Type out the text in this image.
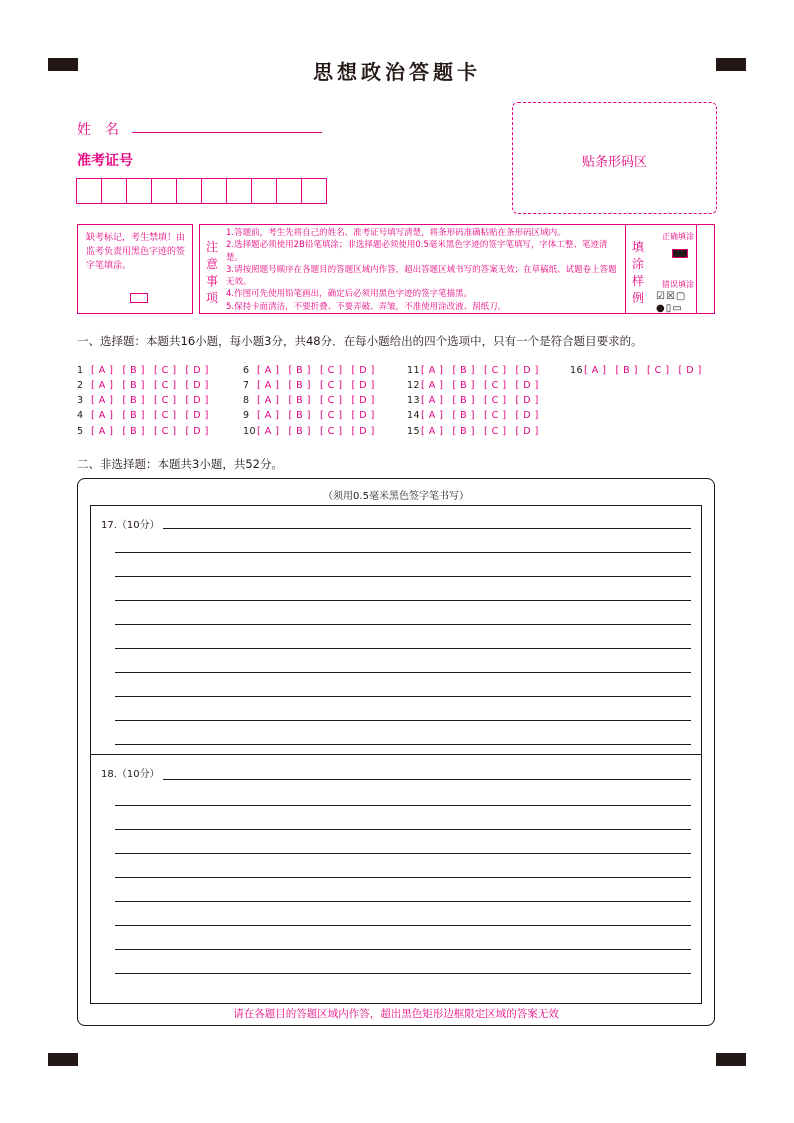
思想政治答题卡
姓　名
准考证号	贴条形码区
缺考标记，考生禁填！由监考负责用黑色字迹的签字笔填涂。
注意事项
1.答题前，考生先将自己的姓名、准考证号填写清楚，将条形码准确粘贴在条形码区域内。
2.选择题必须使用2B铅笔填涂；非选择题必须使用0.5毫米黑色字迹的签字笔填写，字体工整、笔迹清楚。
3.请按照题号顺序在各题目的答题区域内作答，超出答题区域书写的答案无效；在草稿纸、试题卷上答题无效。
4.作图可先使用铅笔画出，确定后必须用黑色字迹的签字笔描黑。
5.保持卡面清洁，不要折叠、不要弄破、弄皱，不准使用涂改液、刮纸刀。
填涂样例
正确填涂
错误填涂
☑☒▢
●▯▭
一、选择题：本题共16小题，每小题3分，共48分．在每小题给出的四个选项中，只有一个是符合题目要求的。
1 [ A ] [ B ] [ C ] [ D ]
2 [ A ] [ B ] [ C ] [ D ]
3 [ A ] [ B ] [ C ] [ D ]
4 [ A ] [ B ] [ C ] [ D ]
5 [ A ] [ B ] [ C ] [ D ]
6 [ A ] [ B ] [ C ] [ D ]
7 [ A ] [ B ] [ C ] [ D ]
8 [ A ] [ B ] [ C ] [ D ]
9 [ A ] [ B ] [ C ] [ D ]
10[ A ] [ B ] [ C ] [ D ]
11[ A ] [ B ] [ C ] [ D ]
12[ A ] [ B ] [ C ] [ D ]
13[ A ] [ B ] [ C ] [ D ]
14[ A ] [ B ] [ C ] [ D ]
15[ A ] [ B ] [ C ] [ D ]
16[ A ] [ B ] [ C ] [ D ]
二、非选择题：本题共3小题，共52分。
（须用0.5毫米黑色签字笔书写）
17.（10分）
18.（10分）
请在各题目的答题区域内作答，超出黑色矩形边框限定区域的答案无效
